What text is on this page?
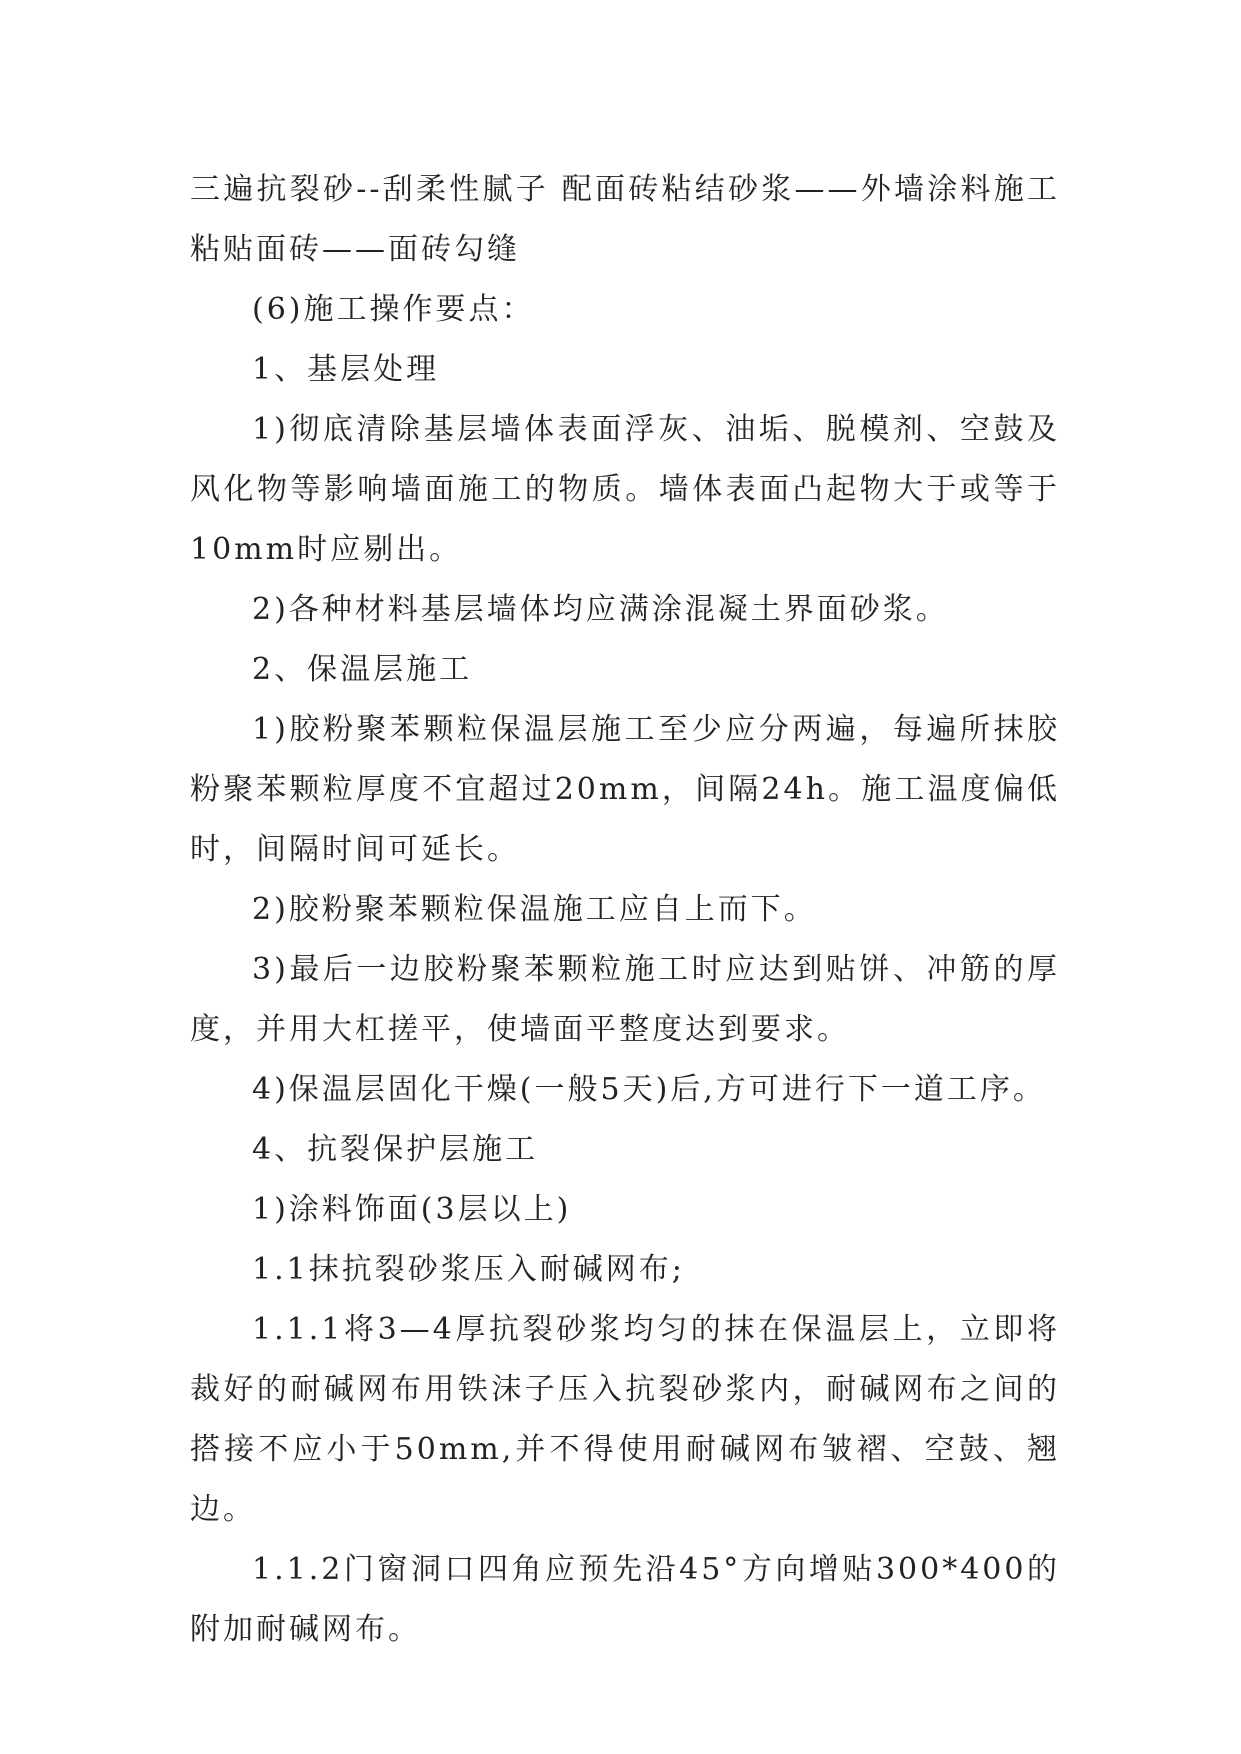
三遍抗裂砂--刮柔性腻子 配面砖粘结砂浆——外墙涂料施工 粘贴面砖——面砖勾缝

(6)施工操作要点：

1、基层处理

1)彻底清除基层墙体表面浮灰、油垢、脱模剂、空鼓及风化物等影响墙面施工的物质。墙体表面凸起物大于或等于10mm时应剔出。

2)各种材料基层墙体均应满涂混凝土界面砂浆。

2、保温层施工

1)胶粉聚苯颗粒保温层施工至少应分两遍，每遍所抹胶粉聚苯颗粒厚度不宜超过20mm，间隔24h。施工温度偏低时，间隔时间可延长。

2)胶粉聚苯颗粒保温施工应自上而下。

3)最后一边胶粉聚苯颗粒施工时应达到贴饼、冲筋的厚度，并用大杠搓平，使墙面平整度达到要求。

4)保温层固化干燥(一般5天)后,方可进行下一道工序。

4、抗裂保护层施工

1)涂料饰面(3层以上)

1.1抹抗裂砂浆压入耐碱网布;

1.1.1将3—4厚抗裂砂浆均匀的抹在保温层上，立即将裁好的耐碱网布用铁沫子压入抗裂砂浆内，耐碱网布之间的搭接不应小于50mm,并不得使用耐碱网布皱褶、空鼓、翘边。

1.1.2门窗洞口四角应预先沿45°方向增贴300*400的附加耐碱网布。
